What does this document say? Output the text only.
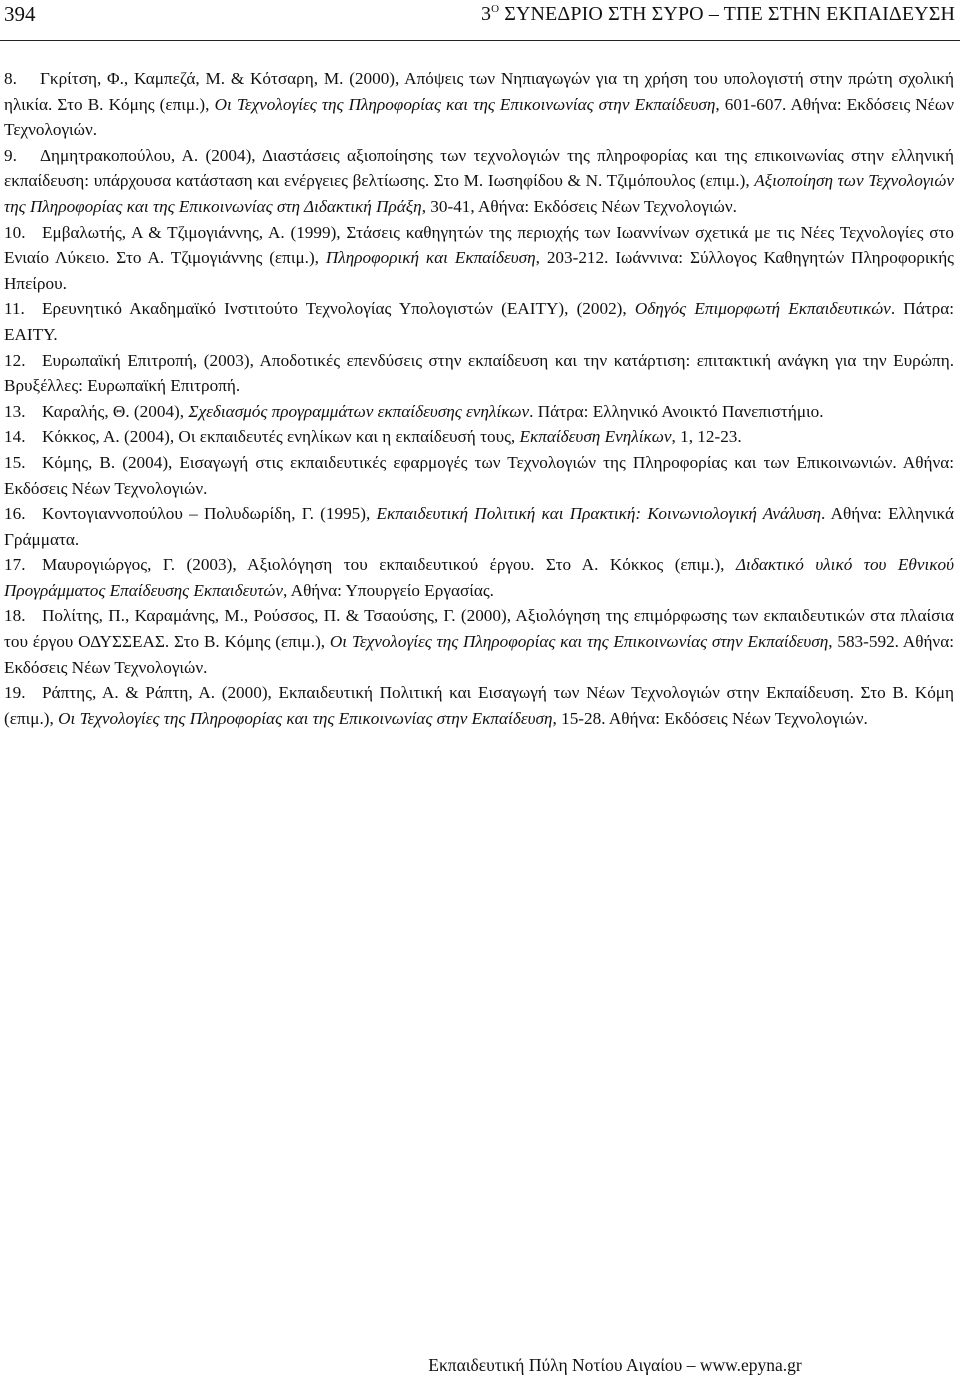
394	$3^O$ ΣΥΝΕΔΡΙΟ ΣΤΗ ΣΥΡΟ – ΤΠΕ ΣΤΗΝ ΕΚΠΑΙΔΕΥΣΗ
8. Γκρίτση, Φ., Καμπεζά, Μ. & Κότσαρη, Μ. (2000), Απόψεις των Νηπιαγωγών για τη χρήση του υπολογιστή στην πρώτη σχολική ηλικία. Στο Β. Κόμης (επιμ.), Οι Τεχνολογίες της Πληροφορίας και της Επικοινωνίας στην Εκπαίδευση, 601-607. Αθήνα: Εκδόσεις Νέων Τεχνολογιών.
9. Δημητρακοπούλου, Α. (2004), Διαστάσεις αξιοποίησης των τεχνολογιών της πληροφορίας και της επικοινωνίας στην ελληνική εκπαίδευση: υπάρχουσα κατάσταση και ενέργειες βελτίωσης. Στο Μ. Ιωσηφίδου & Ν. Τζιμόπουλος (επιμ.), Αξιοποίηση των Τεχνολογιών της Πληροφορίας και της Επικοινωνίας στη Διδακτική Πράξη, 30-41, Αθήνα: Εκδόσεις Νέων Τεχνολογιών.
10. Εμβαλωτής, Α & Τζιμογιάννης, Α. (1999), Στάσεις καθηγητών της περιοχής των Ιωαννίνων σχετικά με τις Νέες Τεχνολογίες στο Ενιαίο Λύκειο. Στο Α. Τζιμογιάννης (επιμ.), Πληροφορική και Εκπαίδευση, 203-212. Ιωάννινα: Σύλλογος Καθηγητών Πληροφορικής Ηπείρου.
11. Ερευνητικό Ακαδημαϊκό Ινστιτούτο Τεχνολογίας Υπολογιστών (ΕΑΙΤΥ), (2002), Οδηγός Επιμορφωτή Εκπαιδευτικών. Πάτρα: ΕΑΙΤΥ.
12. Ευρωπαϊκή Επιτροπή, (2003), Αποδοτικές επενδύσεις στην εκπαίδευση και την κατάρτιση: επιτακτική ανάγκη για την Ευρώπη. Βρυξέλλες: Ευρωπαϊκή Επιτροπή.
13. Καραλής, Θ. (2004), Σχεδιασμός προγραμμάτων εκπαίδευσης ενηλίκων. Πάτρα: Ελληνικό Ανοικτό Πανεπιστήμιο.
14. Κόκκος, Α. (2004), Οι εκπαιδευτές ενηλίκων και η εκπαίδευσή τους, Εκπαίδευση Ενηλίκων, 1, 12-23.
15. Κόμης, Β. (2004), Εισαγωγή στις εκπαιδευτικές εφαρμογές των Τεχνολογιών της Πληροφορίας και των Επικοινωνιών. Αθήνα: Εκδόσεις Νέων Τεχνολογιών.
16. Κοντογιαννοπούλου – Πολυδωρίδη, Γ. (1995), Εκπαιδευτική Πολιτική και Πρακτική: Κοινωνιολογική Ανάλυση. Αθήνα: Ελληνικά Γράμματα.
17. Μαυρογιώργος, Γ. (2003), Αξιολόγηση του εκπαιδευτικού έργου. Στο Α. Κόκκος (επιμ.), Διδακτικό υλικό του Εθνικού Προγράμματος Επαίδευσης Εκπαιδευτών, Αθήνα: Υπουργείο Εργασίας.
18. Πολίτης, Π., Καραμάνης, Μ., Ρούσσος, Π. & Τσαούσης, Γ. (2000), Αξιολόγηση της επιμόρφωσης των εκπαιδευτικών στα πλαίσια του έργου ΟΔΥΣΣΕΑΣ. Στο Β. Κόμης (επιμ.), Οι Τεχνολογίες της Πληροφορίας και της Επικοινωνίας στην Εκπαίδευση, 583-592. Αθήνα: Εκδόσεις Νέων Τεχνολογιών.
19. Ράπτης, Α. & Ράπτη, Α. (2000), Εκπαιδευτική Πολιτική και Εισαγωγή των Νέων Τεχνολογιών στην Εκπαίδευση. Στο Β. Κόμη (επιμ.), Οι Τεχνολογίες της Πληροφορίας και της Επικοινωνίας στην Εκπαίδευση, 15-28. Αθήνα: Εκδόσεις Νέων Τεχνολογιών.
Εκπαιδευτική Πύλη Νοτίου Αιγαίου – www.epyna.gr
